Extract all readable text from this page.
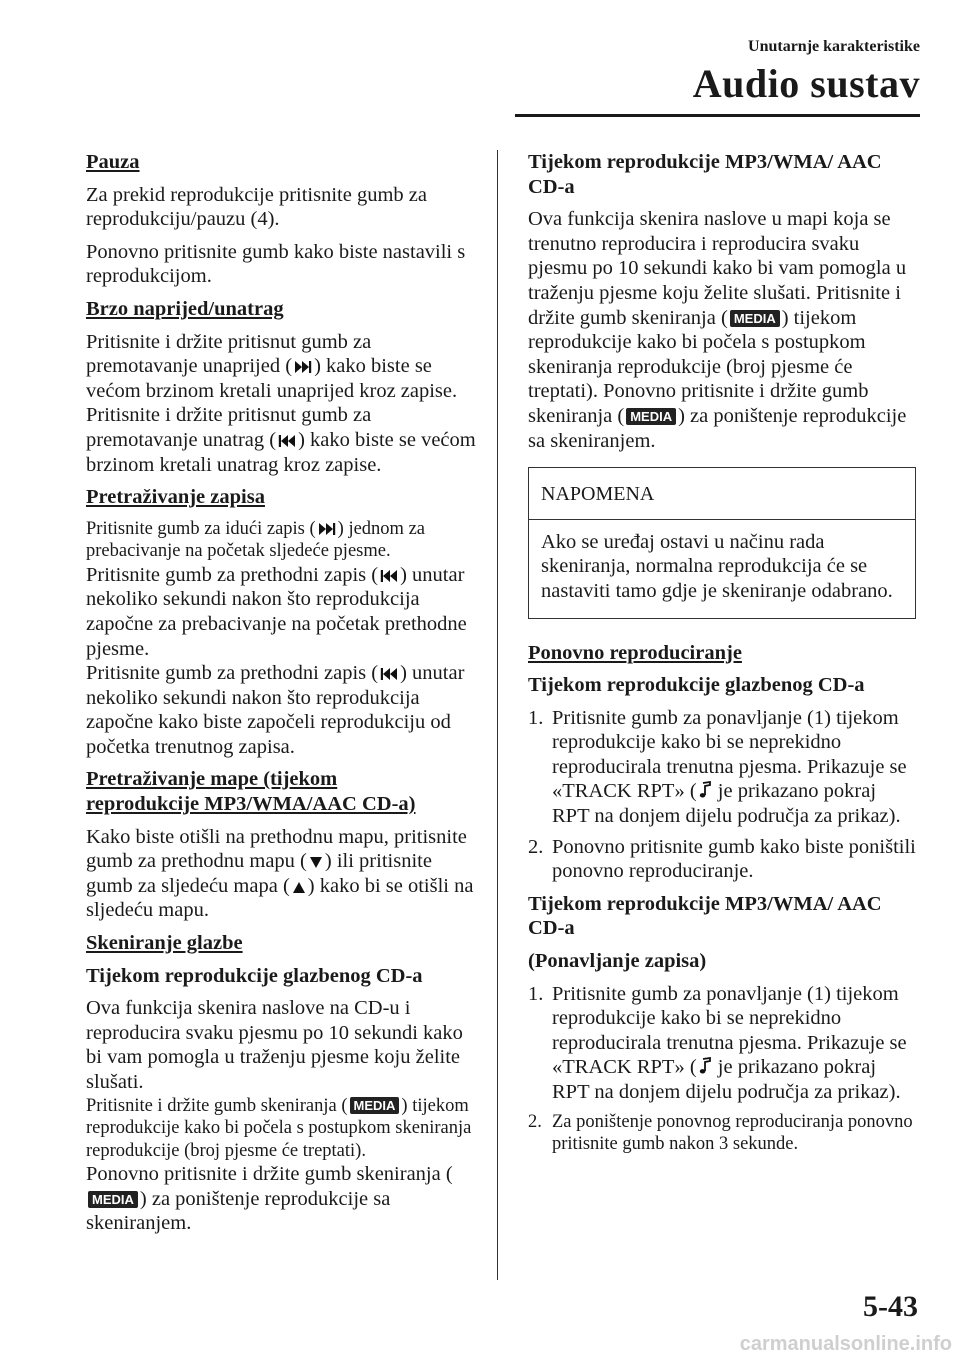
Unutarnje karakteristike
Audio sustav
Pauza

Za prekid reprodukcije pritisnite gumb za reprodukciju/pauzu (4).

Ponovno pritisnite gumb kako biste nastavili s reprodukcijom.

Brzo naprijed/unatrag

Pritisnite i držite pritisnut gumb za premotavanje unaprijed ( ) kako biste se većom brzinom kretali unaprijed kroz zapise. Pritisnite i držite pritisnut gumb za premotavanje unatrag ( ) kako biste se većom brzinom kretali unatrag kroz zapise.

Pretraživanje zapisa

Pritisnite gumb za idući zapis ( ) jednom za prebacivanje na početak sljedeće pjesme.

Pritisnite gumb za prethodni zapis ( ) unutar nekoliko sekundi nakon što reprodukcija započne za prebacivanje na početak prethodne pjesme.

Pritisnite gumb za prethodni zapis ( ) unutar nekoliko sekundi nakon što reprodukcija započne kako biste započeli reprodukciju od početka trenutnog zapisa.

Pretraživanje mape (tijekom
reprodukcije MP3/WMA/AAC CD-a)

Kako biste otišli na prethodnu mapu, pritisnite gumb za prethodnu mapu ( ) ili pritisnite gumb za sljedeću mapa ( ) kako bi se otišli na sljedeću mapu.

Skeniranje glazbe
Tijekom reprodukcije glazbenog CD-a

Ova funkcija skenira naslove na CD-u i reproducira svaku pjesmu po 10 sekundi kako bi vam pomogla u traženju pjesme koju želite slušati.

Pritisnite i držite gumb skeniranja ( MEDIA ) tijekom reprodukcije kako bi počela s postupkom skeniranja reprodukcije (broj pjesme će treptati).

Ponovno pritisnite i držite gumb skeniranja (MEDIA ) za poništenje reprodukcije sa skeniranjem.

Tijekom reprodukcije MP3/WMA/ AAC CD-a

Ova funkcija skenira naslove u mapi koja se trenutno reproducira i reproducira svaku pjesmu po 10 sekundi kako bi vam pomogla u traženju pjesme koju želite slušati. Pritisnite i držite gumb skeniranja ( MEDIA ) tijekom reprodukcije kako bi počela s postupkom skeniranja reprodukcije (broj pjesme će treptati). Ponovno pritisnite i držite gumb skeniranja ( MEDIA ) za poništenje reprodukcije sa skeniranjem.

NAPOMENA
Ako se uređaj ostavi u načinu rada skeniranja, normalna reprodukcija će se nastaviti tamo gdje je skeniranje odabrano.
Ponovno reproduciranje
Tijekom reprodukcije glazbenog CD-a
1. Pritisnite gumb za ponavljanje (1) tijekom reprodukcije kako bi se neprekidno reproducirala trenutna pjesma. Prikazuje se «TRACK RPT» (
je prikazano pokraj RPT na donjem dijelu područja za prikaz).
2. Ponovno pritisnite gumb kako biste poništili ponovno reproduciranje.
Tijekom reprodukcije MP3/WMA/ AAC CD-a
(Ponavljanje zapisa)
1. Pritisnite gumb za ponavljanje (1) tijekom reprodukcije kako bi se neprekidno reproducirala trenutna pjesma. Prikazuje se «TRACK RPT» (
je prikazano pokraj RPT na donjem dijelu područja za prikaz).
2. Za poništenje ponovnog reproduciranja ponovno pritisnite gumb nakon 3 sekunde.
5-43
carmanualsonline.info
